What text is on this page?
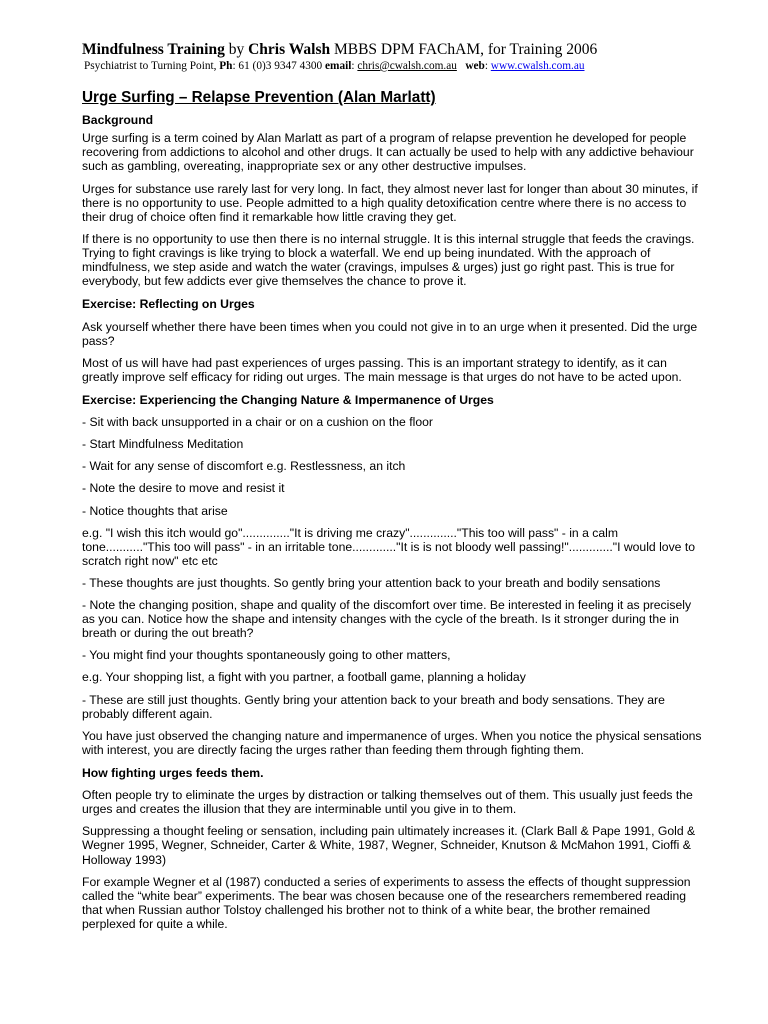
Mindfulness Training by Chris Walsh MBBS DPM FAChAM, for Training 2006
Psychiatrist to Turning Point, Ph: 61 (0)3 9347 4300 email: chris@cwalsh.com.au web: www.cwalsh.com.au
Urge Surfing – Relapse Prevention (Alan Marlatt)
Background

Urge surfing is a term coined by Alan Marlatt as part of a program of relapse prevention he developed for people recovering from addictions to alcohol and other drugs. It can actually be used to help with any addictive behaviour such as gambling, overeating, inappropriate sex or any other destructive impulses.

Urges for substance use rarely last for very long. In fact, they almost never last for longer than about 30 minutes, if there is no opportunity to use. People admitted to a high quality detoxification centre where there is no access to their drug of choice often find it remarkable how little craving they get.

If there is no opportunity to use then there is no internal struggle. It is this internal struggle that feeds the cravings. Trying to fight cravings is like trying to block a waterfall. We end up being inundated. With the approach of mindfulness, we step aside and watch the water (cravings, impulses & urges) just go right past. This is true for everybody, but few addicts ever give themselves the chance to prove it.

Exercise: Reflecting on Urges

Ask yourself whether there have been times when you could not give in to an urge when it presented. Did the urge pass?

Most of us will have had past experiences of urges passing. This is an important strategy to identify, as it can greatly improve self efficacy for riding out urges. The main message is that urges do not have to be acted upon.

Exercise: Experiencing the Changing Nature & Impermanence of Urges

- Sit with back unsupported in a chair or on a cushion on the floor

- Start Mindfulness Meditation

- Wait for any sense of discomfort e.g. Restlessness, an itch

- Note the desire to move and resist it

- Notice thoughts that arise

e.g. "I wish this itch would go".............."It is driving me crazy".............."This too will pass" - in a calm tone..........."This too will pass" - in an irritable tone............."It is is not bloody well passing!"............."I would love to scratch right now" etc etc

- These thoughts are just thoughts. So gently bring your attention back to your breath and bodily sensations

- Note the changing position, shape and quality of the discomfort over time. Be interested in feeling it as precisely as you can. Notice how the shape and intensity changes with the cycle of the breath. Is it stronger during the in breath or during the out breath?

- You might find your thoughts spontaneously going to other matters,

e.g. Your shopping list, a fight with you partner, a football game, planning a holiday

- These are still just thoughts. Gently bring your attention back to your breath and body sensations. They are probably different again.

You have just observed the changing nature and impermanence of urges. When you notice the physical sensations with interest, you are directly facing the urges rather than feeding them through fighting them.

How fighting urges feeds them.

Often people try to eliminate the urges by distraction or talking themselves out of them. This usually just feeds the urges and creates the illusion that they are interminable until you give in to them.

Suppressing a thought feeling or sensation, including pain ultimately increases it. (Clark Ball & Pape 1991, Gold & Wegner 1995, Wegner, Schneider, Carter & White, 1987, Wegner, Schneider, Knutson & McMahon 1991, Cioffi & Holloway 1993)

For example Wegner et al (1987) conducted a series of experiments to assess the effects of thought suppression called the “white bear” experiments. The bear was chosen because one of the researchers remembered reading that when Russian author Tolstoy challenged his brother not to think of a white bear, the brother remained perplexed for quite a while.
